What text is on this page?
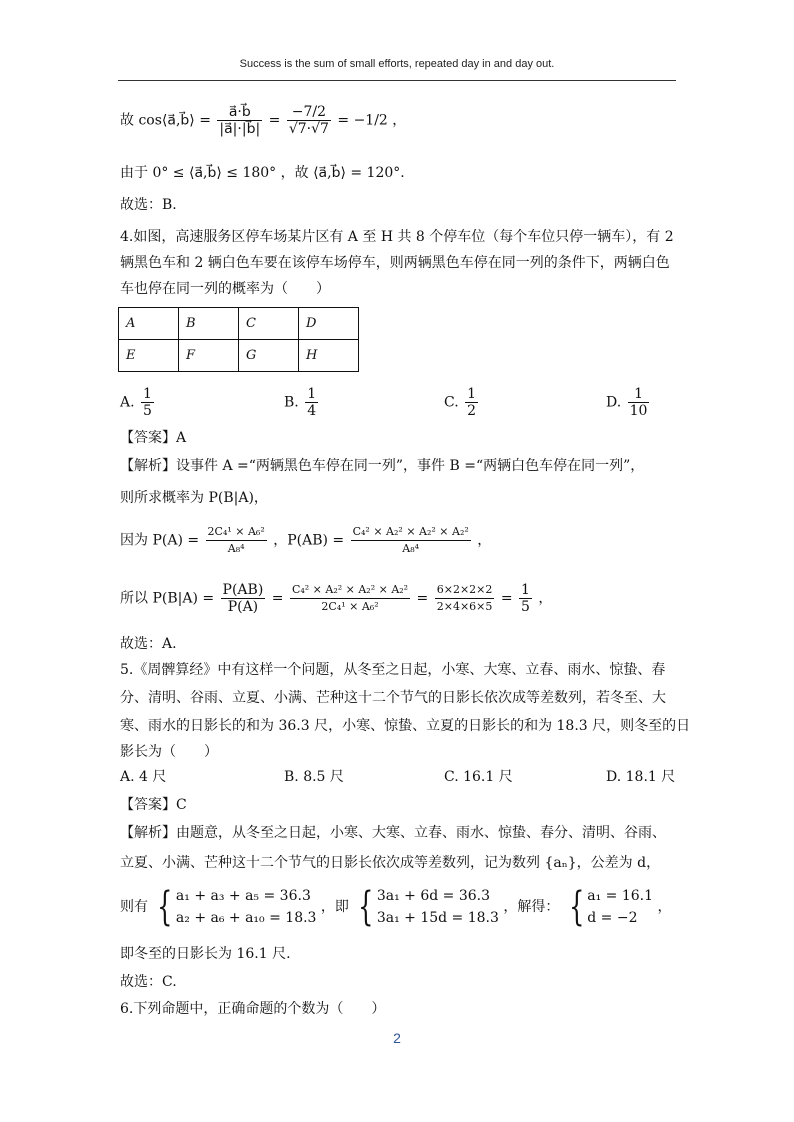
Success is the sum of small efforts, repeated day in and day out.
故 cos⟨a⃗,b⃗⟩ = $\frac{a⃗\cdot b⃗}{|a⃗|\cdot|b⃗|} = \frac{-7/2}{√7\cdot√7} = -1/2$ ，
由于 0° ≤ ⟨a⃗,b⃗⟩ ≤ 180° ，故 ⟨a⃗,b⃗⟩ = 120°.
故选：B.
4.如图，高速服务区停车场某片区有 A 至 H 共 8 个停车位（每个车位只停一辆车），有 2
辆黑色车和 2 辆白色车要在该停车场停车，则两辆黑色车停在同一列的条件下，两辆白色
车也停在同一列的概率为（　　）
A	B	C	D
E	F	G	H
A. $\frac{1}{5}$	B. $\frac{1}{4}$	C. $\frac{1}{2}$	D. $\frac{1}{10}$
【答案】A
【解析】设事件 A =“两辆黑色车停在同一列”，事件 B =“两辆白色车停在同一列”，
则所求概率为 P(B|A)，
因为 $P(A) = \frac{\text{2C₄¹ × A₆²}}{\text{A₈⁴}}$ ，$P(AB) = \frac{\text{C₄² × A₂² × A₂² × A₂²}}{\text{A₈⁴}}$ ，
所以 $P(B|A) = \frac{P(AB)}{P(A)} = \frac{\text{C₄² × A₂² × A₂² × A₂²}}{\text{2C₄¹ × A₆²}} = \frac{6\times 2\times 2\times 2}{2\times 4\times 6\times 5} = \frac{1}{5}$ ，
故选：A.
5.《周髀算经》中有这样一个问题，从冬至之日起，小寒、大寒、立春、雨水、惊蛰、春
分、清明、谷雨、立夏、小满、芒种这十二个节气的日影长依次成等差数列，若冬至、大
寒、雨水的日影长的和为 36.3 尺，小寒、惊蛰、立夏的日影长的和为 18.3 尺，则冬至的日
影长为（　　）
A. 4 尺	B. 8.5 尺	C. 16.1 尺	D. 18.1 尺
【答案】C
【解析】由题意，从冬至之日起，小寒、大寒、立春、雨水、惊蛰、春分、清明、谷雨、
立夏、小满、芒种这十二个节气的日影长依次成等差数列，记为数列 {aₙ}，公差为 d，
则有 { a₁ + a₃ + a₅ = 36.3
a₂ + a₆ + a₁₀ = 18.3 ，即 { 3a₁ + 6d = 36.3
3a₁ + 15d = 18.3 ，解得： { a₁ = 16.1
d = −2 ，
即冬至的日影长为 16.1 尺.
故选：C.
6.下列命题中，正确命题的个数为（　　）
2
